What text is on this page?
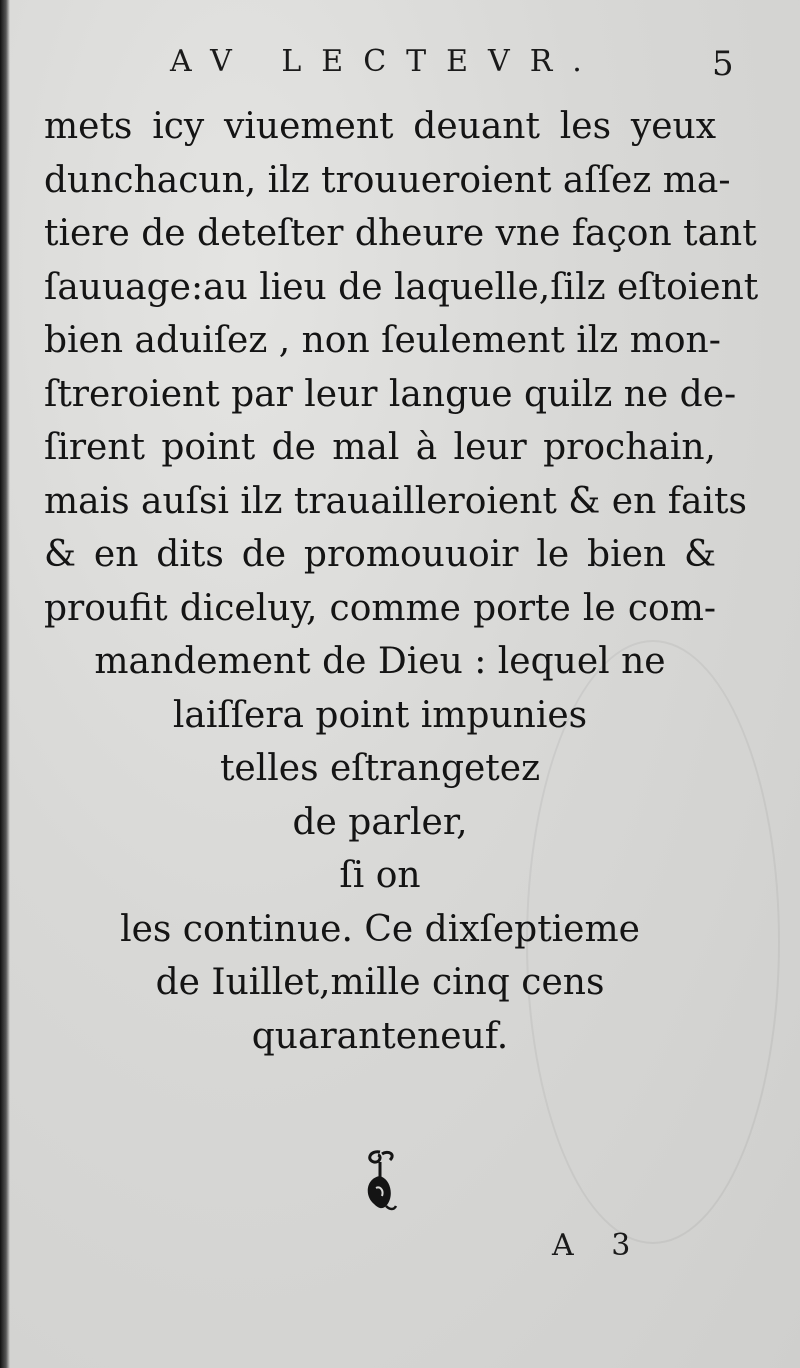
AV LECTEVR.	5
mets icy viuement deuant les yeux
dunchacun, ilz trouueroient aſſez ma-
tiere de deteſter dheure vne façon tant
ſauuage:au lieu de laquelle,ſilz eſtoient
bien aduiſez , non ſeulement ilz mon-
ſtreroient par leur langue quilz ne de-
ſirent point de mal à leur prochain,
mais auſsi ilz trauailleroient & en faits
& en dits de promouuoir le bien &
proufit diceluy, comme porte le com-
mandement de Dieu : lequel ne
laiſſera point impunies
telles eſtrangetez
de parler,
ſi on
les continue. Ce dixſeptieme
de Iuillet,mille cinq cens
quaranteneuf.
A 3
